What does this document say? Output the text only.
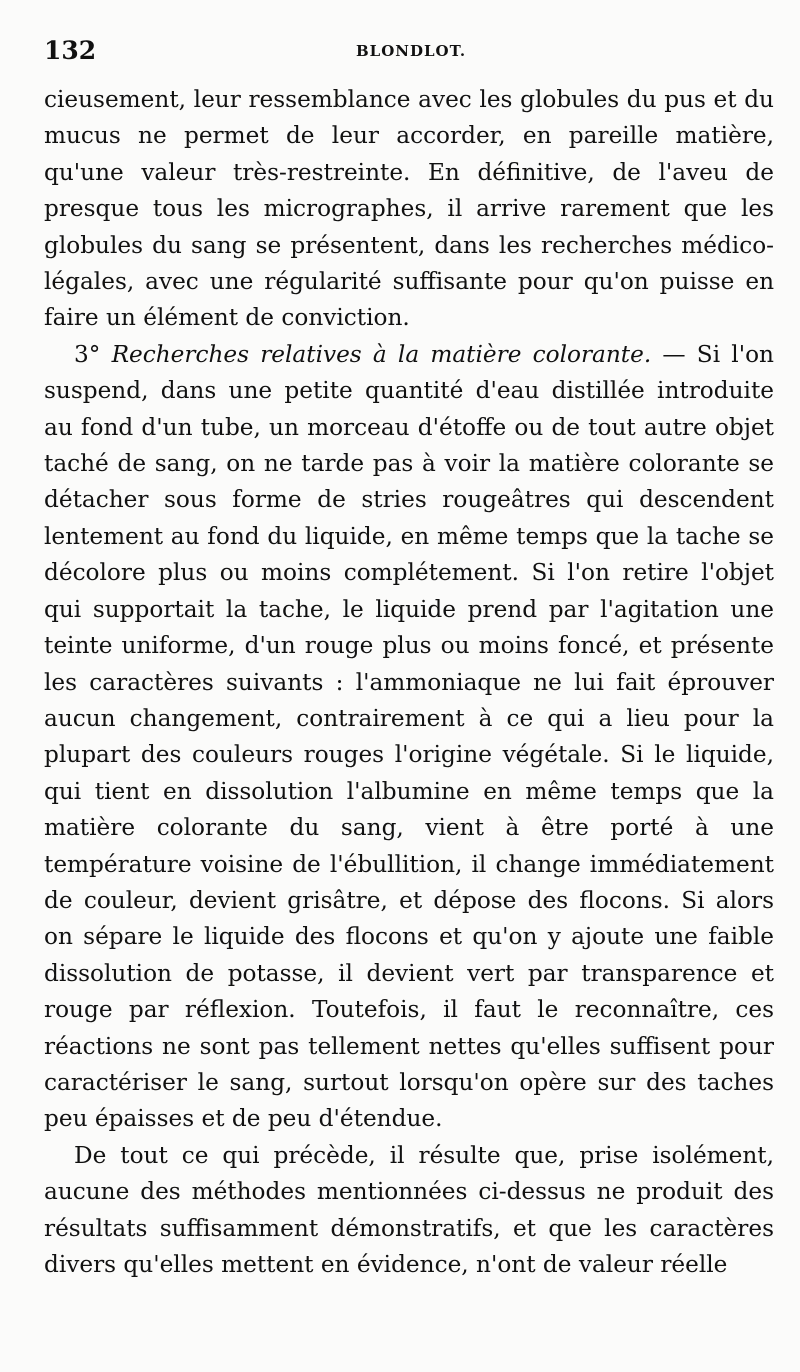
132	BLONDLOT.

cieusement, leur ressemblance avec les globules du pus et du mucus ne permet de leur accorder, en pareille matière, qu'une valeur très-restreinte. En définitive, de l'aveu de presque tous les micrographes, il arrive rarement que les globules du sang se présentent, dans les recherches médico-légales, avec une régularité suffisante pour qu'on puisse en faire un élément de conviction.

3° Recherches relatives à la matière colorante. — Si l'on suspend, dans une petite quantité d'eau distillée introduite au fond d'un tube, un morceau d'étoffe ou de tout autre objet taché de sang, on ne tarde pas à voir la matière colorante se détacher sous forme de stries rougeâtres qui descendent lentement au fond du liquide, en même temps que la tache se décolore plus ou moins complétement. Si l'on retire l'objet qui supportait la tache, le liquide prend par l'agitation une teinte uniforme, d'un rouge plus ou moins foncé, et présente les caractères suivants : l'ammoniaque ne lui fait éprouver aucun changement, contrairement à ce qui a lieu pour la plupart des couleurs rouges l'origine végétale. Si le liquide, qui tient en dissolution l'albumine en même temps que la matière colorante du sang, vient à être porté à une température voisine de l'ébullition, il change immédiatement de couleur, devient grisâtre, et dépose des flocons. Si alors on sépare le liquide des flocons et qu'on y ajoute une faible dissolution de potasse, il devient vert par transparence et rouge par réflexion. Toutefois, il faut le reconnaître, ces réactions ne sont pas tellement nettes qu'elles suffisent pour caractériser le sang, surtout lorsqu'on opère sur des taches peu épaisses et de peu d'étendue.

De tout ce qui précède, il résulte que, prise isolément, aucune des méthodes mentionnées ci-dessus ne produit des résultats suffisamment démonstratifs, et que les caractères divers qu'elles mettent en évidence, n'ont de valeur réelle
